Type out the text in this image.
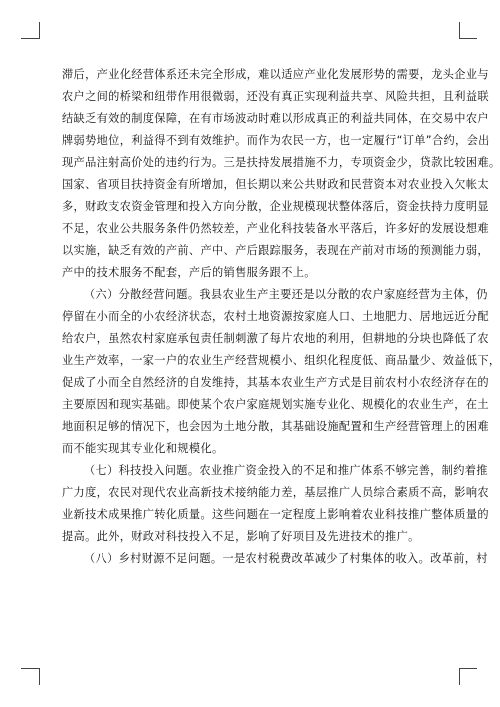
滞后，产业化经营体系还未完全形成，难以适应产业化发展形势的需要，龙头企业与
农户之间的桥梁和纽带作用很微弱，还没有真正实现利益共享、风险共担，且利益联
结缺乏有效的制度保障，在有市场波动时难以形成真正的利益共同体，在交易中农户
牌弱势地位，利益得不到有效维护。而作为农民一方，也一定履行“订单”合约，会出
现产品注射高价处的违约行为。三是扶持发展措施不力，专项资金少，贷款比较困难。
国家、省项目扶持资金有所增加，但长期以来公共财政和民营资本对农业投入欠帐太
多，财政支农资金管理和投入方向分散，企业规模现状整体落后，资金扶持力度明显
不足，农业公共服务条件仍然较差，产业化科技装备水平落后，许多好的发展设想难
以实施，缺乏有效的产前、产中、产后跟踪服务，表现在产前对市场的预测能力弱，
产中的技术服务不配套，产后的销售服务跟不上。
（六）分散经营问题。我县农业生产主要还是以分散的农户家庭经营为主体，仍
停留在小而全的小农经济状态，农村土地资源按家庭人口、土地肥力、居地远近分配
给农户，虽然农村家庭承包责任制刺激了每片农地的利用，但耕地的分块也降低了农
业生产效率，一家一户的农业生产经营规模小、组织化程度低、商品量少、效益低下，
促成了小而全自然经济的自发维持，其基本农业生产方式是目前农村小农经济存在的
主要原因和现实基础。即使某个农户家庭规划实施专业化、规模化的农业生产，在土
地面积足够的情况下，也会因为土地分散，其基础设施配置和生产经营管理上的困难
而不能实现其专业化和规模化。
（七）科技投入问题。农业推广资金投入的不足和推广体系不够完善，制约着推
广力度，农民对现代农业高新技术接纳能力差，基层推广人员综合素质不高，影响农
业新技术成果推广转化质量。这些问题在一定程度上影响着农业科技推广整体质量的
提高。此外，财政对科技投入不足，影响了好项目及先进技术的推广。
（八）乡村财源不足问题。一是农村税费改革减少了村集体的收入。改革前，村
